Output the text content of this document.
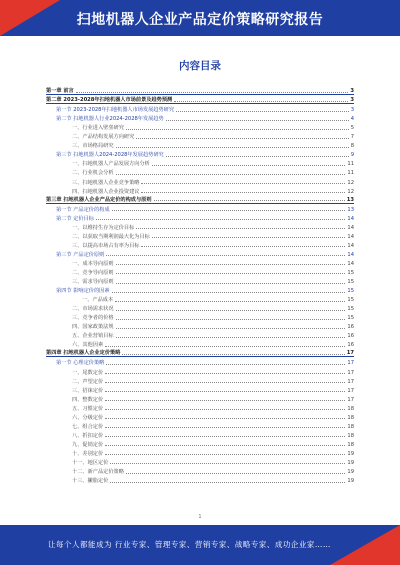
扫地机器人企业产品定价策略研究报告
内容目录
第一章 前言	3
第二章 2023-2028年扫地机器人市场前景及趋势预测	3
第一节 2023-2028年扫地机器人市场发展趋势研究	3
第二节 扫地机器人行业2024-2028年发展趋势	4
一、行业进入壁垒研究	5
二、产品结构发展方向研究	7
三、市场格局研究	8
第三节 扫地机器人2024-2028年发展趋势研究	9
一、扫地机器人产品发展方向分析	11
二、行业机会分析	11
三、扫地机器人企业竞争策略	12
四、扫地机器人企业投资建议	12
第三章 扫地机器人企业产品定价的构成与原则	13
第一节 产品定价的构成	13
第二节 定价目标	14
一、以维持生存为定价目标	14
二、以获取当期利润最大化为目标	14
三、以提高市场占有率为目标	14
第三节 产品定价原则	14
一、成本导向原则	14
二、竞争导向原则	15
三、需求导向原则	15
第四节 影响定价的因素	15
一、产品成本	15
二、市场需求状况	15
三、竞争者的价格	15
四、国家政策法规	16
五、企业营销目标	16
六、其他因素	16
第四章 扫地机器人企业定价策略	17
第一节 心理定价策略	17
一、尾数定价	17
二、声望定价	17
三、招徕定价	17
四、整数定价	17
五、习惯定价	18
六、分级定价	18
七、组合定价	18
八、折扣定价	18
九、促销定价	18
十、差别定价	19
十一、地区定价	19
十二、新产品定价策略	19
十三、撇脂定价	19
1
让每个人都能成为 行业专家、管理专家、营销专家、战略专家、成功企业家……
